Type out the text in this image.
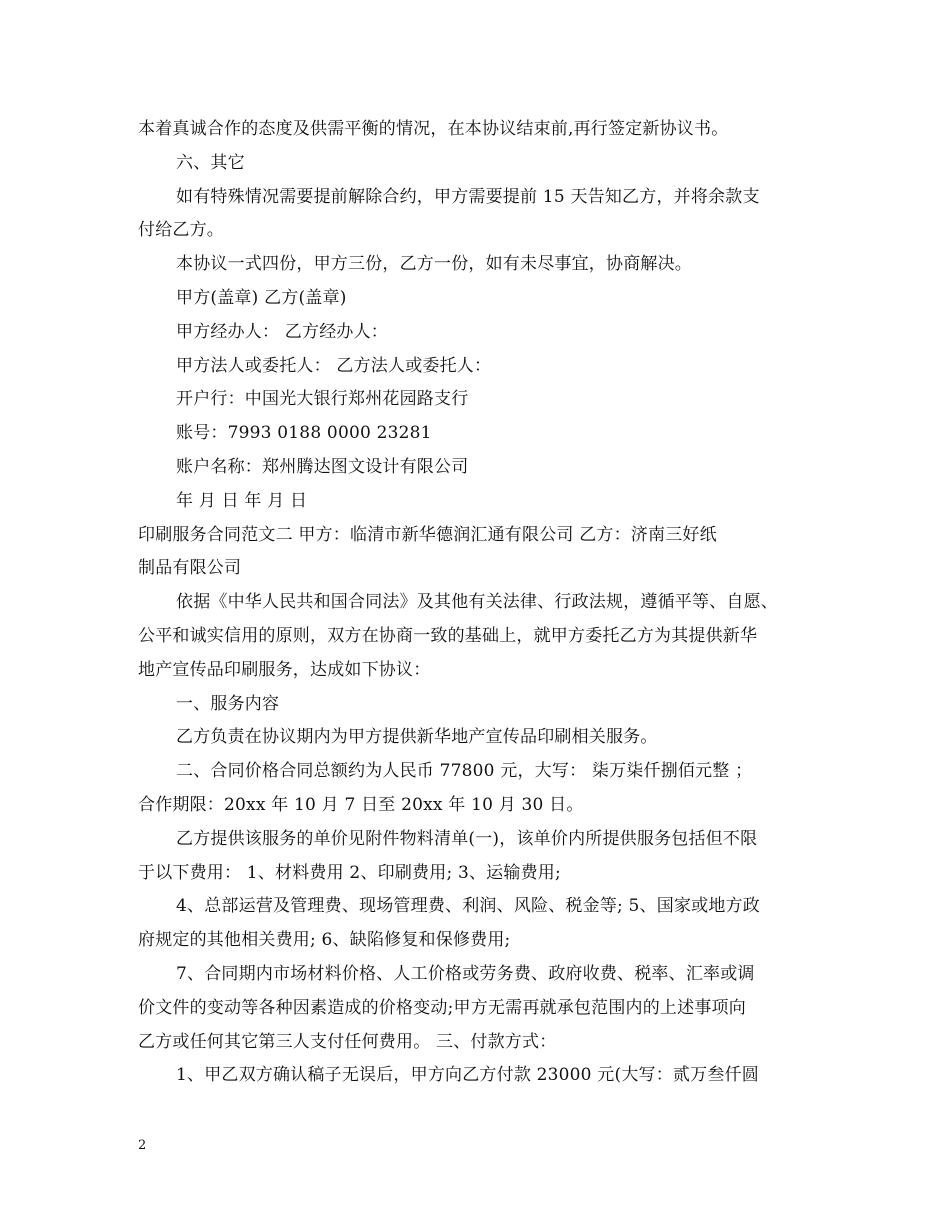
本着真诚合作的态度及供需平衡的情况，在本协议结束前,再行签定新协议书。
六、其它
如有特殊情况需要提前解除合约，甲方需要提前 15 天告知乙方，并将余款支
付给乙方。
本协议一式四份，甲方三份，乙方一份，如有未尽事宜，协商解决。
甲方(盖章) 乙方(盖章)
甲方经办人： 乙方经办人：
甲方法人或委托人： 乙方法人或委托人：
开户行：中国光大银行郑州花园路支行
账号：7993 0188 0000 23281
账户名称：郑州腾达图文设计有限公司
年 月 日 年 月 日
印刷服务合同范文二 甲方：临清市新华德润汇通有限公司 乙方：济南三好纸
制品有限公司
依据《中华人民共和国合同法》及其他有关法律、行政法规，遵循平等、自愿、
公平和诚实信用的原则，双方在协商一致的基础上，就甲方委托乙方为其提供新华
地产宣传品印刷服务，达成如下协议：
一、服务内容
乙方负责在协议期内为甲方提供新华地产宣传品印刷相关服务。
二、合同价格合同总额约为人民币 77800 元，大写： 柒万柒仟捌佰元整 ；
合作期限：20xx 年 10 月 7 日至 20xx 年 10 月 30 日。
乙方提供该服务的单价见附件物料清单(一)，该单价内所提供服务包括但不限
于以下费用： 1、材料费用 2、印刷费用; 3、运输费用;
4、总部运营及管理费、现场管理费、利润、风险、税金等; 5、国家或地方政
府规定的其他相关费用; 6、缺陷修复和保修费用;
7、合同期内市场材料价格、人工价格或劳务费、政府收费、税率、汇率或调
价文件的变动等各种因素造成的价格变动;甲方无需再就承包范围内的上述事项向
乙方或任何其它第三人支付任何费用。 三、付款方式：
1、甲乙双方确认稿子无误后，甲方向乙方付款 23000 元(大写：贰万叁仟圆
2
